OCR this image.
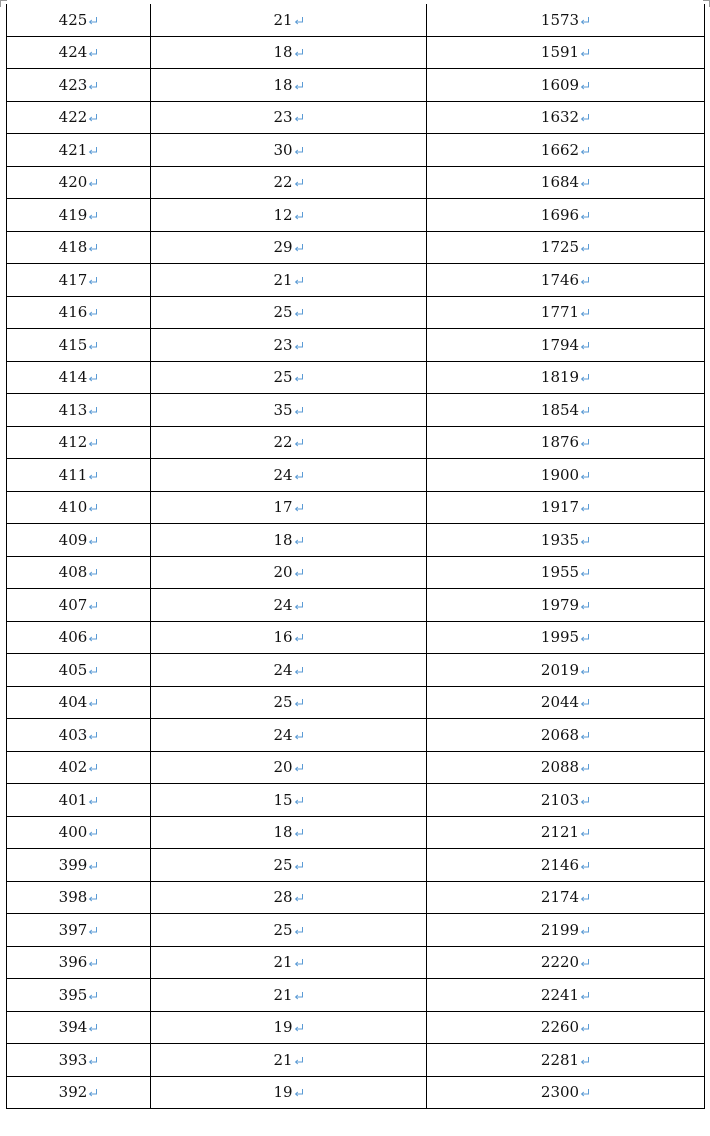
425	21	1573

424	18	1591

423	18	1609

422	23	1632

421	30	1662

420	22	1684

419	12	1696

418	29	1725

417	21	1746

416	25	1771

415	23	1794

414	25	1819

413	35	1854

412	22	1876

411	24	1900

410	17	1917

409	18	1935

408	20	1955

407	24	1979

406	16	1995

405	24	2019

404	25	2044

403	24	2068

402	20	2088

401	15	2103

400	18	2121

399	25	2146

398	28	2174

397	25	2199

396	21	2220

395	21	2241

394	19	2260

393	21	2281

392	19	2300
